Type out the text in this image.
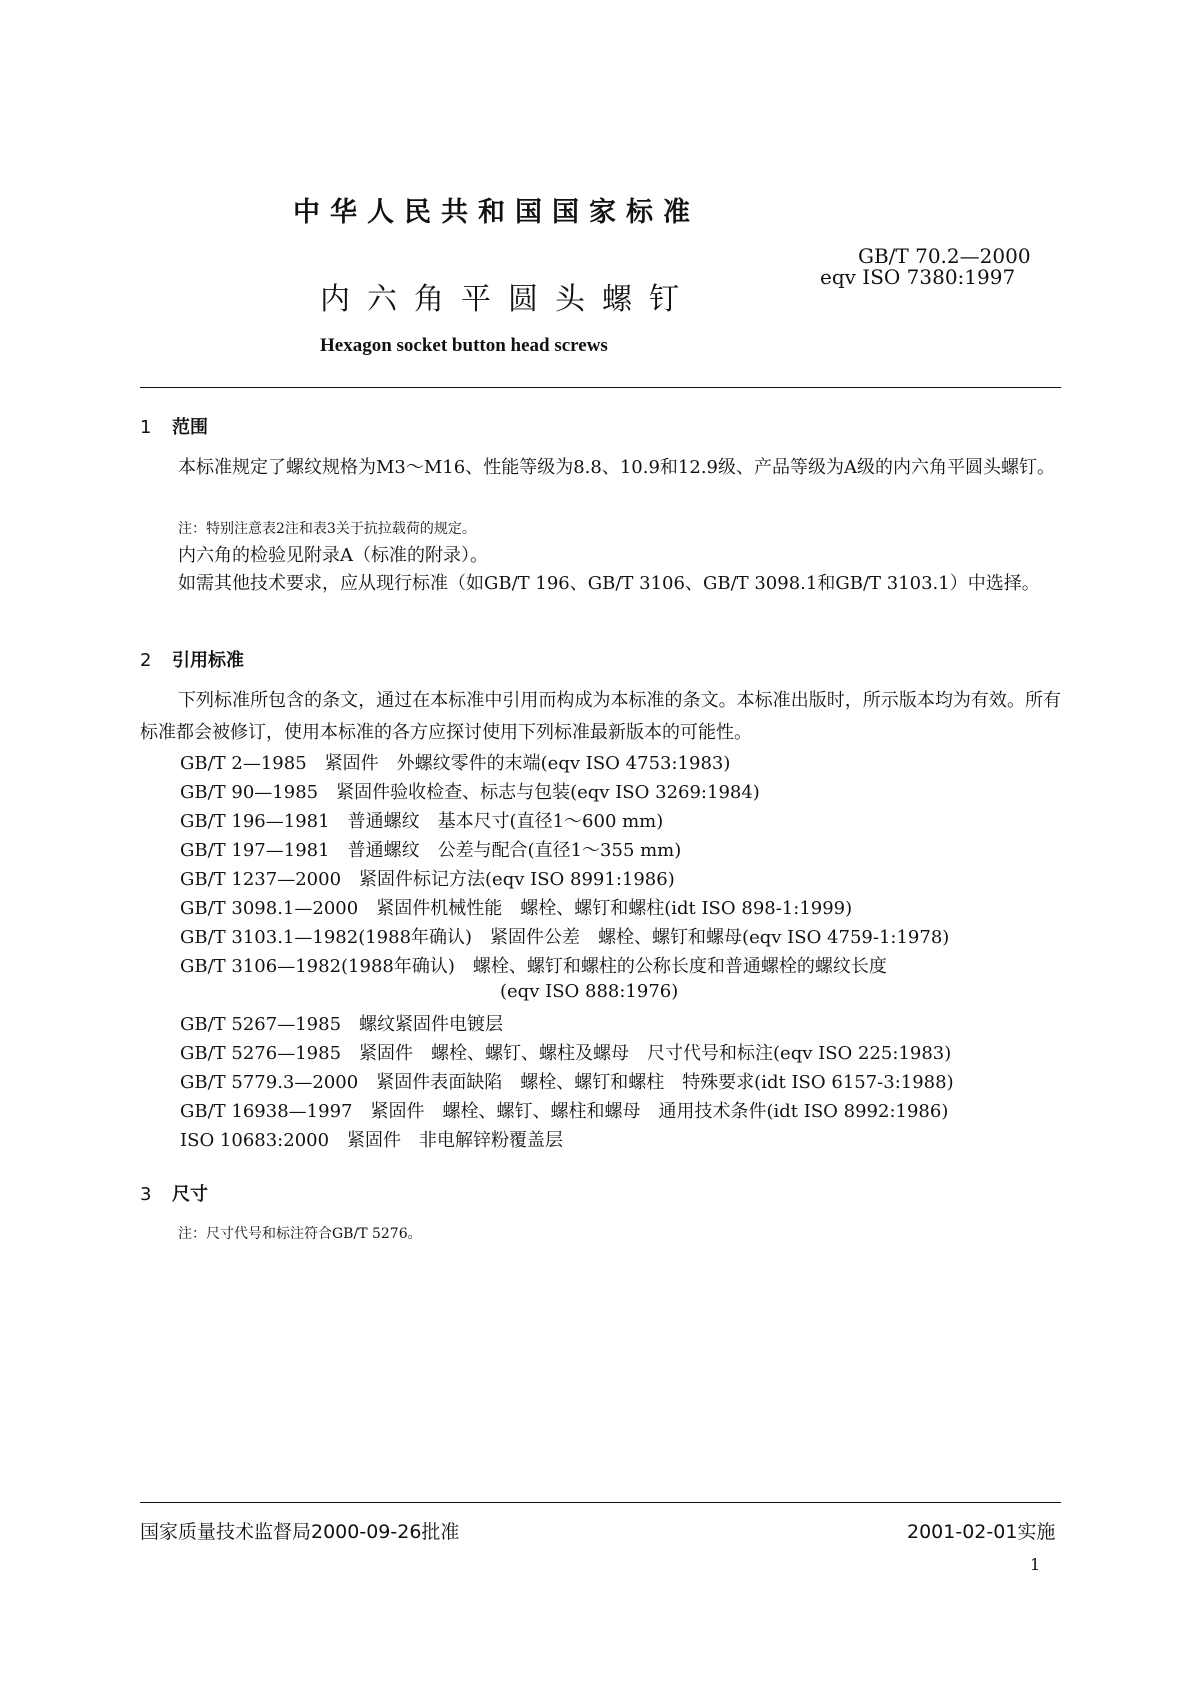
中华人民共和国国家标准
GB/T 70.2—2000
eqv ISO 7380:1997
内六角平圆头螺钉
Hexagon socket button head screws
1 范围
本标准规定了螺纹规格为M3～M16、性能等级为8.8、10.9和12.9级、产品等级为A级的内六角平圆头螺钉。
注：特别注意表2注和表3关于抗拉载荷的规定。
内六角的检验见附录A（标准的附录）。
如需其他技术要求，应从现行标准（如GB/T 196、GB/T 3106、GB/T 3098.1和GB/T 3103.1）中选择。
2 引用标准
下列标准所包含的条文，通过在本标准中引用而构成为本标准的条文。本标准出版时，所示版本均为有效。所有标准都会被修订，使用本标准的各方应探讨使用下列标准最新版本的可能性。
GB/T 2—1985　紧固件　外螺纹零件的末端(eqv ISO 4753:1983)
GB/T 90—1985　紧固件验收检查、标志与包装(eqv ISO 3269:1984)
GB/T 196—1981　普通螺纹　基本尺寸(直径1～600 mm)
GB/T 197—1981　普通螺纹　公差与配合(直径1～355 mm)
GB/T 1237—2000　紧固件标记方法(eqv ISO 8991:1986)
GB/T 3098.1—2000　紧固件机械性能　螺栓、螺钉和螺柱(idt ISO 898-1:1999)
GB/T 3103.1—1982(1988年确认)　紧固件公差　螺栓、螺钉和螺母(eqv ISO 4759-1:1978)
GB/T 3106—1982(1988年确认)　螺栓、螺钉和螺柱的公称长度和普通螺栓的螺纹长度
(eqv ISO 888:1976)
GB/T 5267—1985　螺纹紧固件电镀层
GB/T 5276—1985　紧固件　螺栓、螺钉、螺柱及螺母　尺寸代号和标注(eqv ISO 225:1983)
GB/T 5779.3—2000　紧固件表面缺陷　螺栓、螺钉和螺柱　特殊要求(idt ISO 6157-3:1988)
GB/T 16938—1997　紧固件　螺栓、螺钉、螺柱和螺母　通用技术条件(idt ISO 8992:1986)
ISO 10683:2000　紧固件　非电解锌粉覆盖层
3 尺寸
注：尺寸代号和标注符合GB/T 5276。
国家质量技术监督局2000-09-26批准	2001-02-01实施
1
